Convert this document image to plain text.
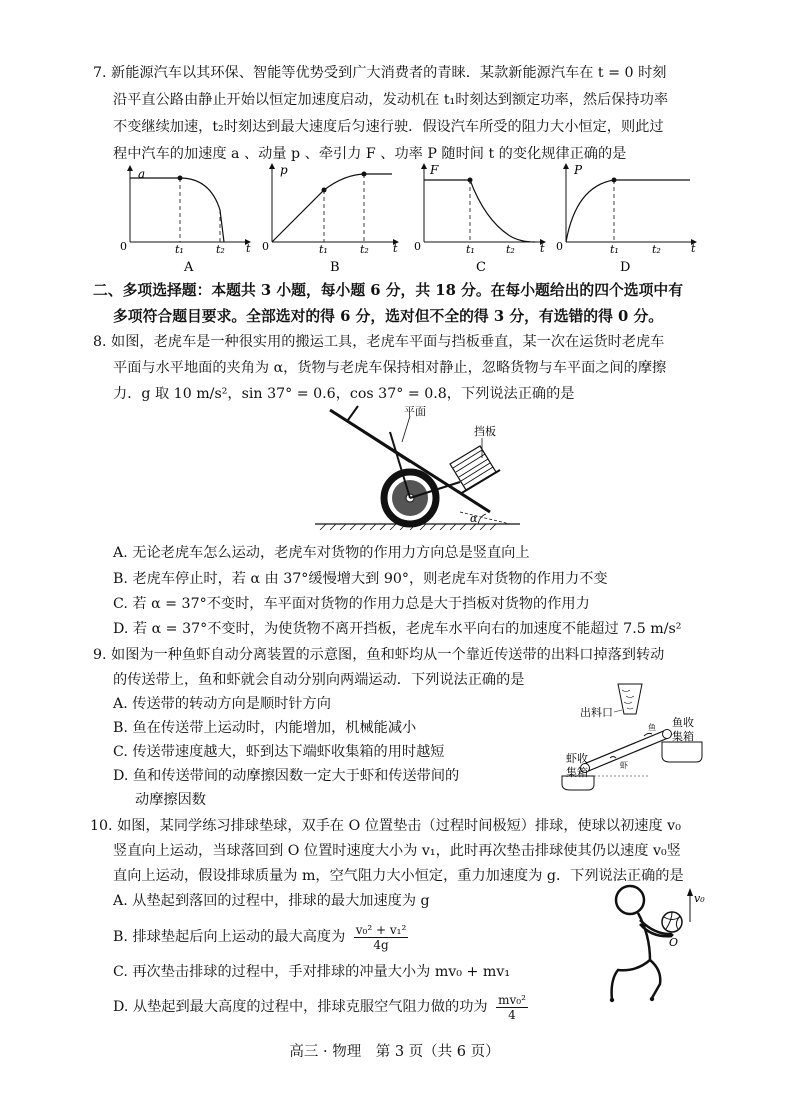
7. 新能源汽车以其环保、智能等优势受到广大消费者的青睐．某款新能源汽车在 t = 0 时刻
沿平直公路由静止开始以恒定加速度启动，发动机在 t₁时刻达到额定功率，然后保持功率
不变继续加速，t₂时刻达到最大速度后匀速行驶．假设汽车所受的阻力大小恒定，则此过
程中汽车的加速度 a 、动量 p 、牵引力 F 、功率 P 随时间 t 的变化规律正确的是
a
0	t₁	t₂ t
p
0	t₁	t₂ t
F
0	t₁	t₂ t
P
0	t₁	t₂	t
A	B	C	D
二、多项选择题：本题共 3 小题，每小题 6 分，共 18 分。在每小题给出的四个选项中有
多项符合题目要求。全部选对的得 6 分，选对但不全的得 3 分，有选错的得 0 分。
8. 如图，老虎车是一种很实用的搬运工具，老虎车平面与挡板垂直，某一次在运货时老虎车
平面与水平地面的夹角为 α，货物与老虎车保持相对静止，忽略货物与车平面之间的摩擦
力．g 取 10 m/s²，sin 37° = 0.6，cos 37° = 0.8，下列说法正确的是
α
平面
挡板
A. 无论老虎车怎么运动，老虎车对货物的作用力方向总是竖直向上
B. 老虎车停止时，若 α 由 37°缓慢增大到 90°，则老虎车对货物的作用力不变
C. 若 α = 37°不变时，车平面对货物的作用力总是大于挡板对货物的作用力
D. 若 α = 37°不变时，为使货物不离开挡板，老虎车水平向右的加速度不能超过 7.5 m/s²
9. 如图为一种鱼虾自动分离装置的示意图，鱼和虾均从一个靠近传送带的出料口掉落到转动
的传送带上，鱼和虾就会自动分别向两端运动．下列说法正确的是
A. 传送带的转动方向是顺时针方向
B. 鱼在传送带上运动时，内能增加，机械能减小
C. 传送带速度越大，虾到达下端虾收集箱的用时越短
D. 鱼和传送带间的动摩擦因数一定大于虾和传送带间的
动摩擦因数
出料口
鱼
虾
鱼收
集箱
虾收
集箱
10. 如图，某同学练习排球垫球，双手在 O 位置垫击（过程时间极短）排球，使球以初速度 v₀
竖直向上运动，当球落回到 O 位置时速度大小为 v₁，此时再次垫击排球使其仍以速度 v₀竖
直向上运动，假设排球质量为 m，空气阻力大小恒定，重力加速度为 g．下列说法正确的是
A. 从垫起到落回的过程中，排球的最大加速度为 g
B. 排球垫起后向上运动的最大高度为 $\frac{\text{v₀² + v₁²}}{4g}$
C. 再次垫击排球的过程中，手对排球的冲量大小为 mv₀ + mv₁
D. 从垫起到最大高度的过程中，排球克服空气阻力做的功为 $\frac{\text{mv₀²}}{4}$
O
v₀
高三 · 物理　第 3 页（共 6 页）
